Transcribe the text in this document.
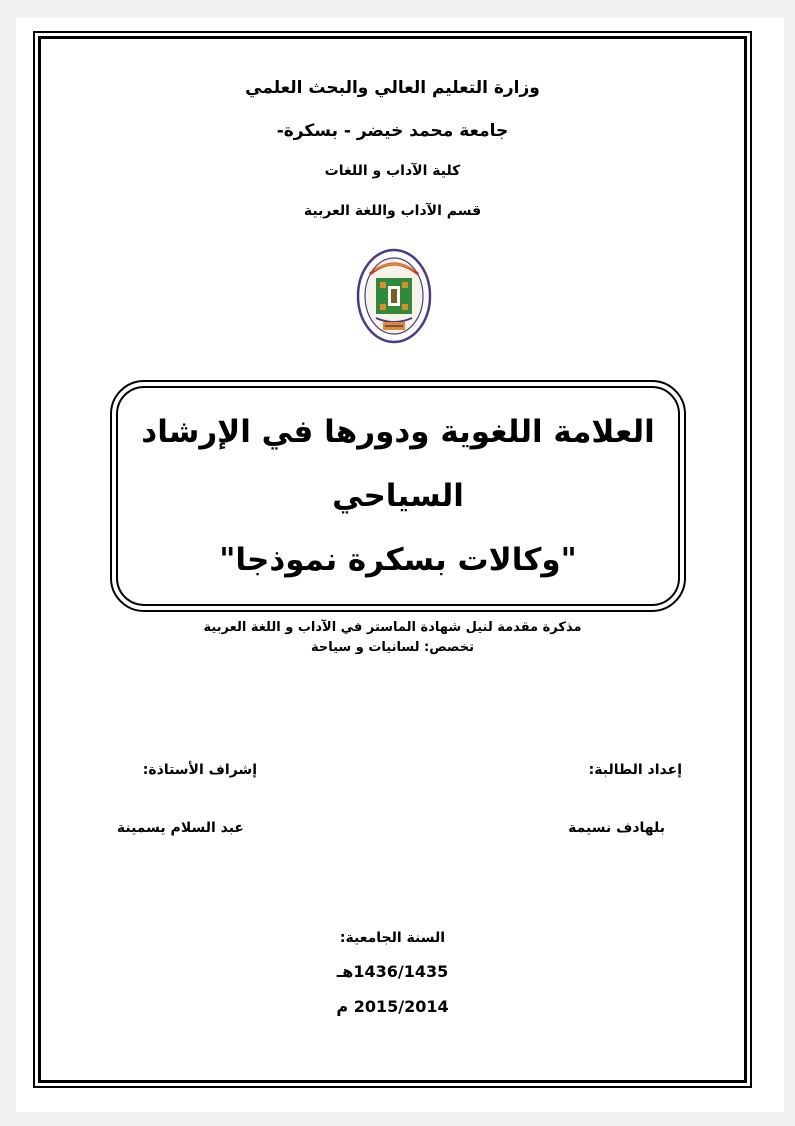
وزارة التعليم العالي والبحث العلمي
جامعة محمد خيضر - بسكرة-
كلية الآداب و اللغات
قسم الآداب واللغة العربية
العلامة اللغوية ودورها في الإرشاد
السياحي
"وكالات بسكرة نموذجا"
مذكرة مقدمة لنيل شهادة الماستر في الآداب و اللغة العربية
تخصص: لسانيات و سياحة
إعداد الطالبة:
إشراف الأستاذة:
بلهادف نسيمة
عبد السلام يسمينة
السنة الجامعية:
1436/1435هـ
2015/2014 م
